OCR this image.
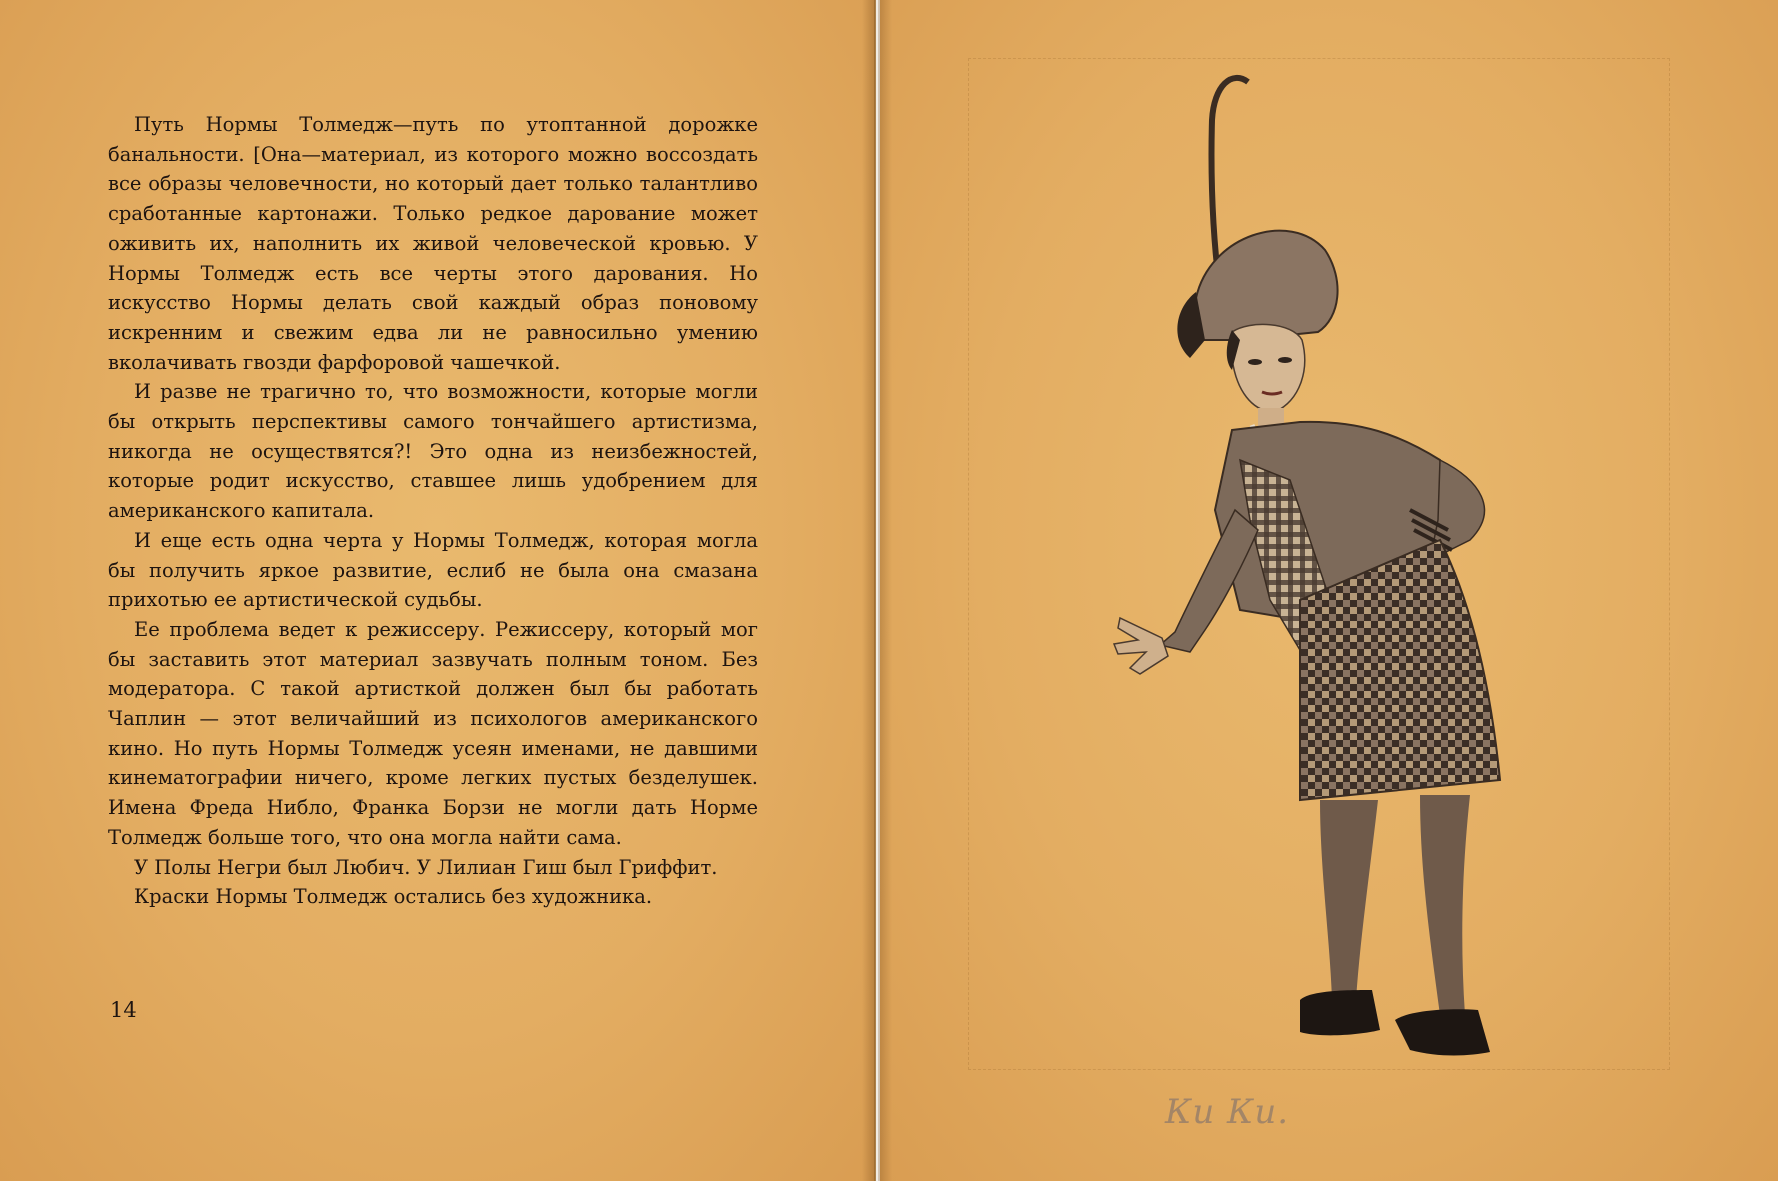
Путь Нормы Толмедж—путь по утоптанной дорожке банальности. [Она—материал, из которого можно воссоздать все образы человечности, но который дает только талантливо сработанные картонажи. Только редкое дарование может оживить их, наполнить их живой человеческой кровью. У Нормы Толмедж есть все черты этого дарования. Но искусство Нормы делать свой каждый образ поновому искренним и свежим едва ли не равносильно умению вколачивать гвозди фарфоровой чашечкой.

И разве не трагично то, что возможности, которые могли бы открыть перспективы самого тончайшего артистизма, никогда не осуществятся?! Это одна из неизбежностей, которые родит искусство, ставшее лишь удобрением для американского капитала.

И еще есть одна черта у Нормы Толмедж, которая могла бы получить яркое развитие, еслиб не была она смазана прихотью ее артистической судьбы.

Ее проблема ведет к режиссеру. Режиссеру, который мог бы заставить этот материал зазвучать полным тоном. Без модератора. С такой артисткой должен был бы работать Чаплин — этот величайший из психологов американского кино. Но путь Нормы Толмедж усеян именами, не давшими кинематографии ничего, кроме легких пустых безделушек. Имена Фреда Нибло, Франка Борзи не могли дать Норме Толмедж больше того, что она могла найти сама.

У Полы Негри был Любич. У Лилиан Гиш был Гриффит.

Краски Нормы Толмедж остались без художника.

14
Ки Ки.
